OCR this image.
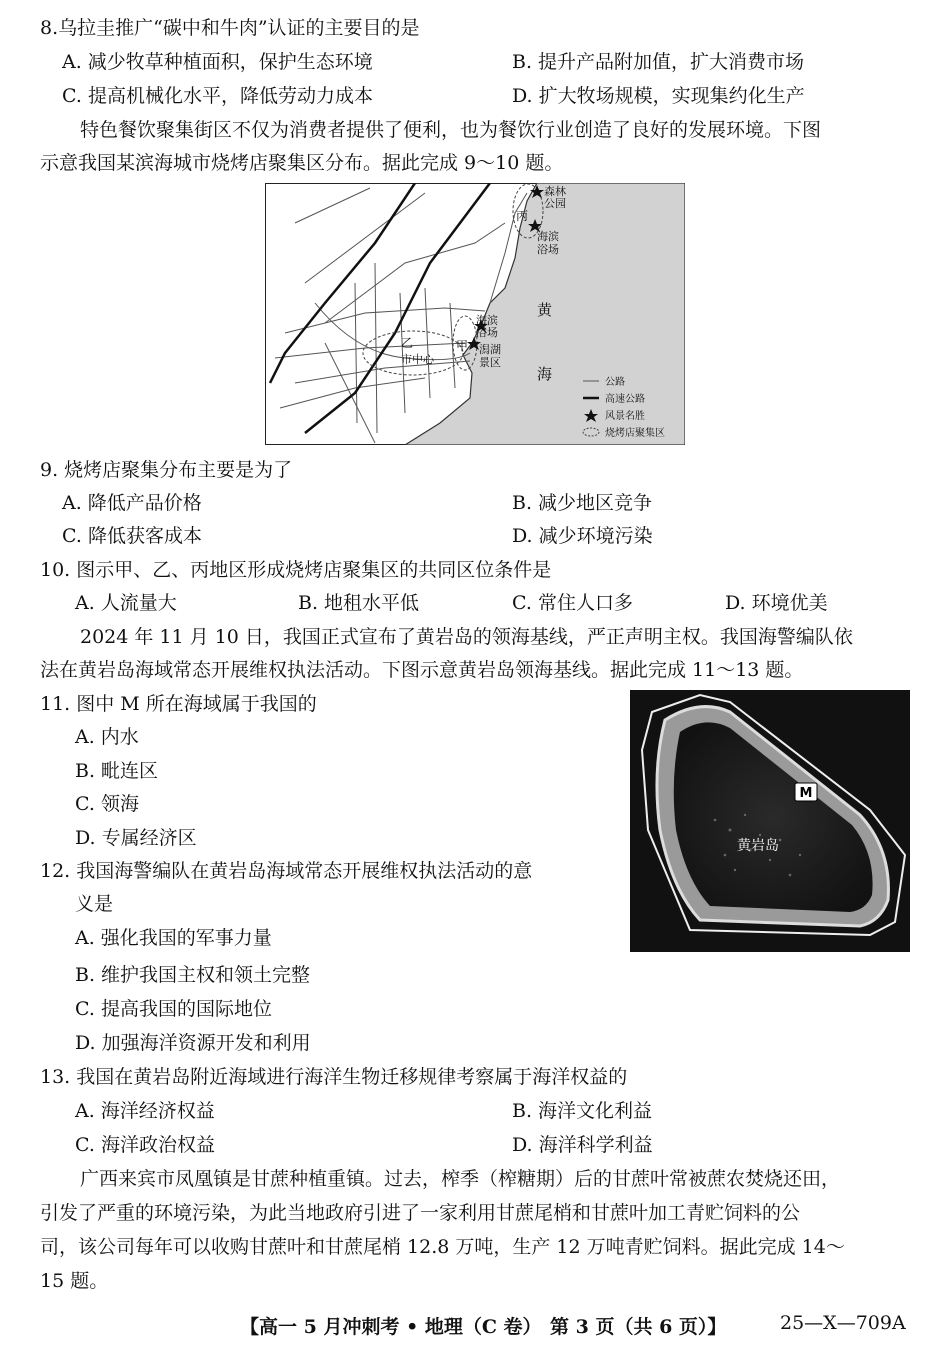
8.乌拉圭推广“碳中和牛肉”认证的主要目的是
A. 减少牧草种植面积，保护生态环境	B. 提升产品附加值，扩大消费市场
C. 提高机械化水平，降低劳动力成本	D. 扩大牧场规模，实现集约化生产
特色餐饮聚集街区不仅为消费者提供了便利，也为餐饮行业创造了良好的发展环境。下图
示意我国某滨海城市烧烤店聚集区分布。据此完成 9～10 题。
丙
森林
公园
海滨
浴场
黄
海
海滨
浴场
甲 潟湖
景区
乙
市中心
公路
高速公路
风景名胜
烧烤店聚集区
9. 烧烤店聚集分布主要是为了
A. 降低产品价格	B. 减少地区竞争
C. 降低获客成本	D. 减少环境污染
10. 图示甲、乙、丙地区形成烧烤店聚集区的共同区位条件是
A. 人流量大	B. 地租水平低	C. 常住人口多	D. 环境优美
2024 年 11 月 10 日，我国正式宣布了黄岩岛的领海基线，严正声明主权。我国海警编队依
法在黄岩岛海域常态开展维权执法活动。下图示意黄岩岛领海基线。据此完成 11～13 题。
11. 图中 M 所在海域属于我国的
A. 内水
B. 毗连区
C. 领海
D. 专属经济区
M
黄岩岛
12. 我国海警编队在黄岩岛海域常态开展维权执法活动的意
义是
A. 强化我国的军事力量
B. 维护我国主权和领土完整
C. 提高我国的国际地位
D. 加强海洋资源开发和利用
13. 我国在黄岩岛附近海域进行海洋生物迁移规律考察属于海洋权益的
A. 海洋经济权益	B. 海洋文化利益
C. 海洋政治权益	D. 海洋科学利益
广西来宾市凤凰镇是甘蔗种植重镇。过去，榨季（榨糖期）后的甘蔗叶常被蔗农焚烧还田，
引发了严重的环境污染，为此当地政府引进了一家利用甘蔗尾梢和甘蔗叶加工青贮饲料的公
司，该公司每年可以收购甘蔗叶和甘蔗尾梢 12.8 万吨，生产 12 万吨青贮饲料。据此完成 14～
15 题。
【高一 5 月冲刺考 • 地理（C 卷） 第 3 页（共 6 页）】	25—X—709A
